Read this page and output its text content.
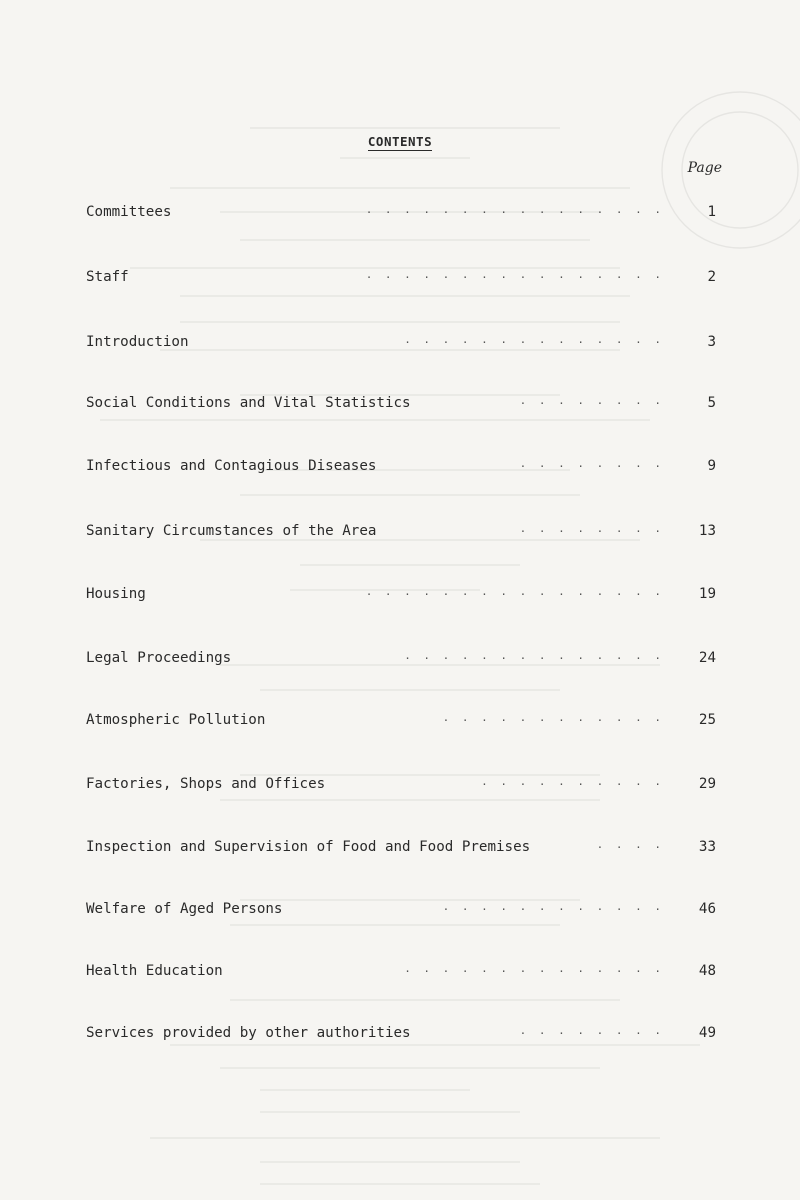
CONTENTS
Page
Committees	. . . . . . . . . . . . . . . .	1
Staff	. . . . . . . . . . . . . . . .	2
Introduction	. . . . . . . . . . . . . .	3
Social Conditions and Vital Statistics	. . . . . . . .	5
Infectious and Contagious Diseases	. . . . . . . .	9
Sanitary Circumstances of the Area	. . . . . . . .	13
Housing	. . . . . . . . . . . . . . . .	19
Legal Proceedings	. . . . . . . . . . . . . .	24
Atmospheric Pollution	. . . . . . . . . . . .	25
Factories, Shops and Offices	. . . . . . . . . .	29
Inspection and Supervision of Food and Food Premises	. . . .	33
Welfare of Aged Persons	. . . . . . . . . . . .	46
Health Education	. . . . . . . . . . . . . .	48
Services provided by other authorities	. . . . . . . .	49
